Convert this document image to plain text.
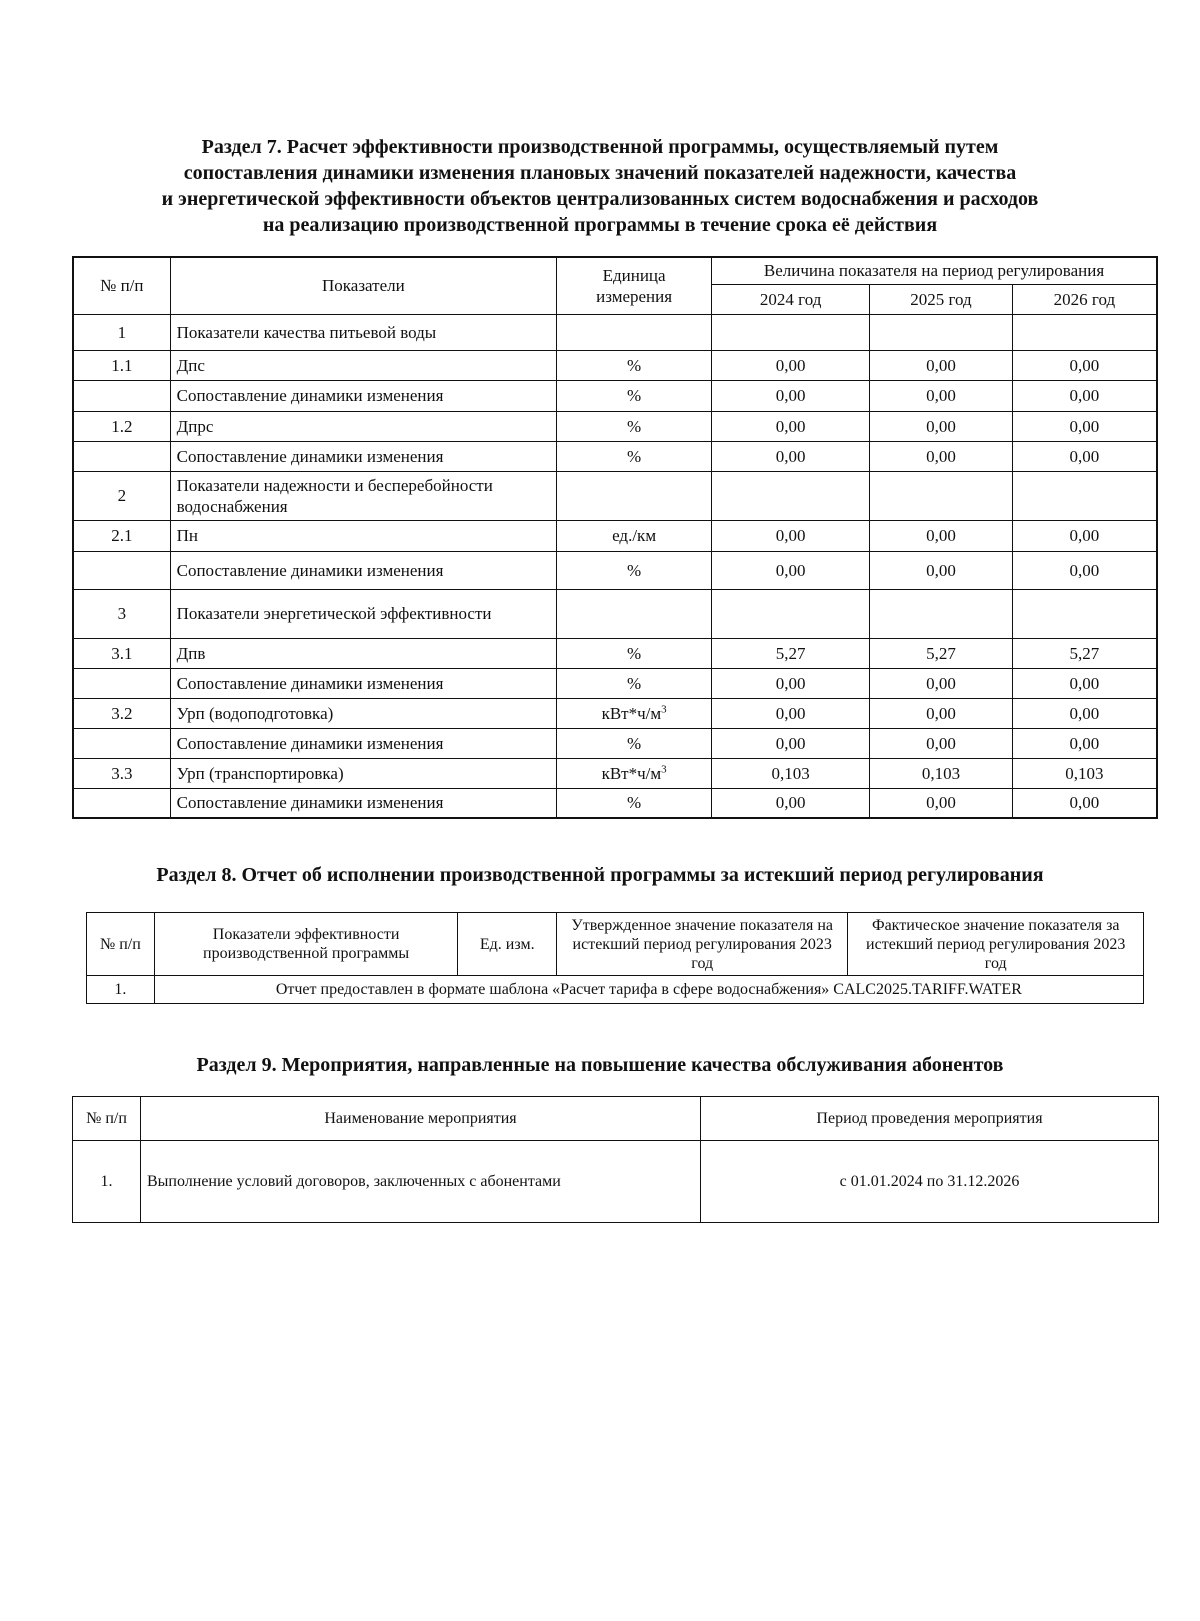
Раздел 7. Расчет эффективности производственной программы, осуществляемый путем
сопоставления динамики изменения плановых значений показателей надежности, качества
и энергетической эффективности объектов централизованных систем водоснабжения и расходов
на реализацию производственной программы в течение срока её действия
№ п/п	Показатели	Единица измерения	Величина показателя на период регулирования		
			2024 год	2025 год	2026 год
1	Показатели качества питьевой воды				
1.1	Дпс	%	0,00	0,00	0,00
	Сопоставление динамики изменения	%	0,00	0,00	0,00
1.2	Дпрс	%	0,00	0,00	0,00
	Сопоставление динамики изменения	%	0,00	0,00	0,00
2	Показатели надежности и бесперебойности водоснабжения				
2.1	Пн	ед./км	0,00	0,00	0,00
	Сопоставление динамики изменения	%	0,00	0,00	0,00
3	Показатели энергетической эффективности				
3.1	Дпв	%	5,27	5,27	5,27
	Сопоставление динамики изменения	%	0,00	0,00	0,00
3.2	Урп (водоподготовка)	$кВт*ч/м^3$	0,00	0,00	0,00
	Сопоставление динамики изменения	%	0,00	0,00	0,00
3.3	Урп (транспортировка)	$кВт*ч/м^3$	0,103	0,103	0,103
	Сопоставление динамики изменения	%	0,00	0,00	0,00
Раздел 8. Отчет об исполнении производственной программы за истекший период регулирования
№ п/п	Показатели эффективности производственной программы	Ед. изм.	Утвержденное значение показателя на истекший период регулирования 2023 год	Фактическое значение показателя за истекший период регулирования 2023 год
1.	Отчет предоставлен в формате шаблона «Расчет тарифа в сфере водоснабжения» CALC2025.TARIFF.WATER			
Раздел 9. Мероприятия, направленные на повышение качества обслуживания абонентов
№ п/п	Наименование мероприятия	Период проведения мероприятия
1.	Выполнение условий договоров, заключенных с абонентами	с 01.01.2024 по 31.12.2026
